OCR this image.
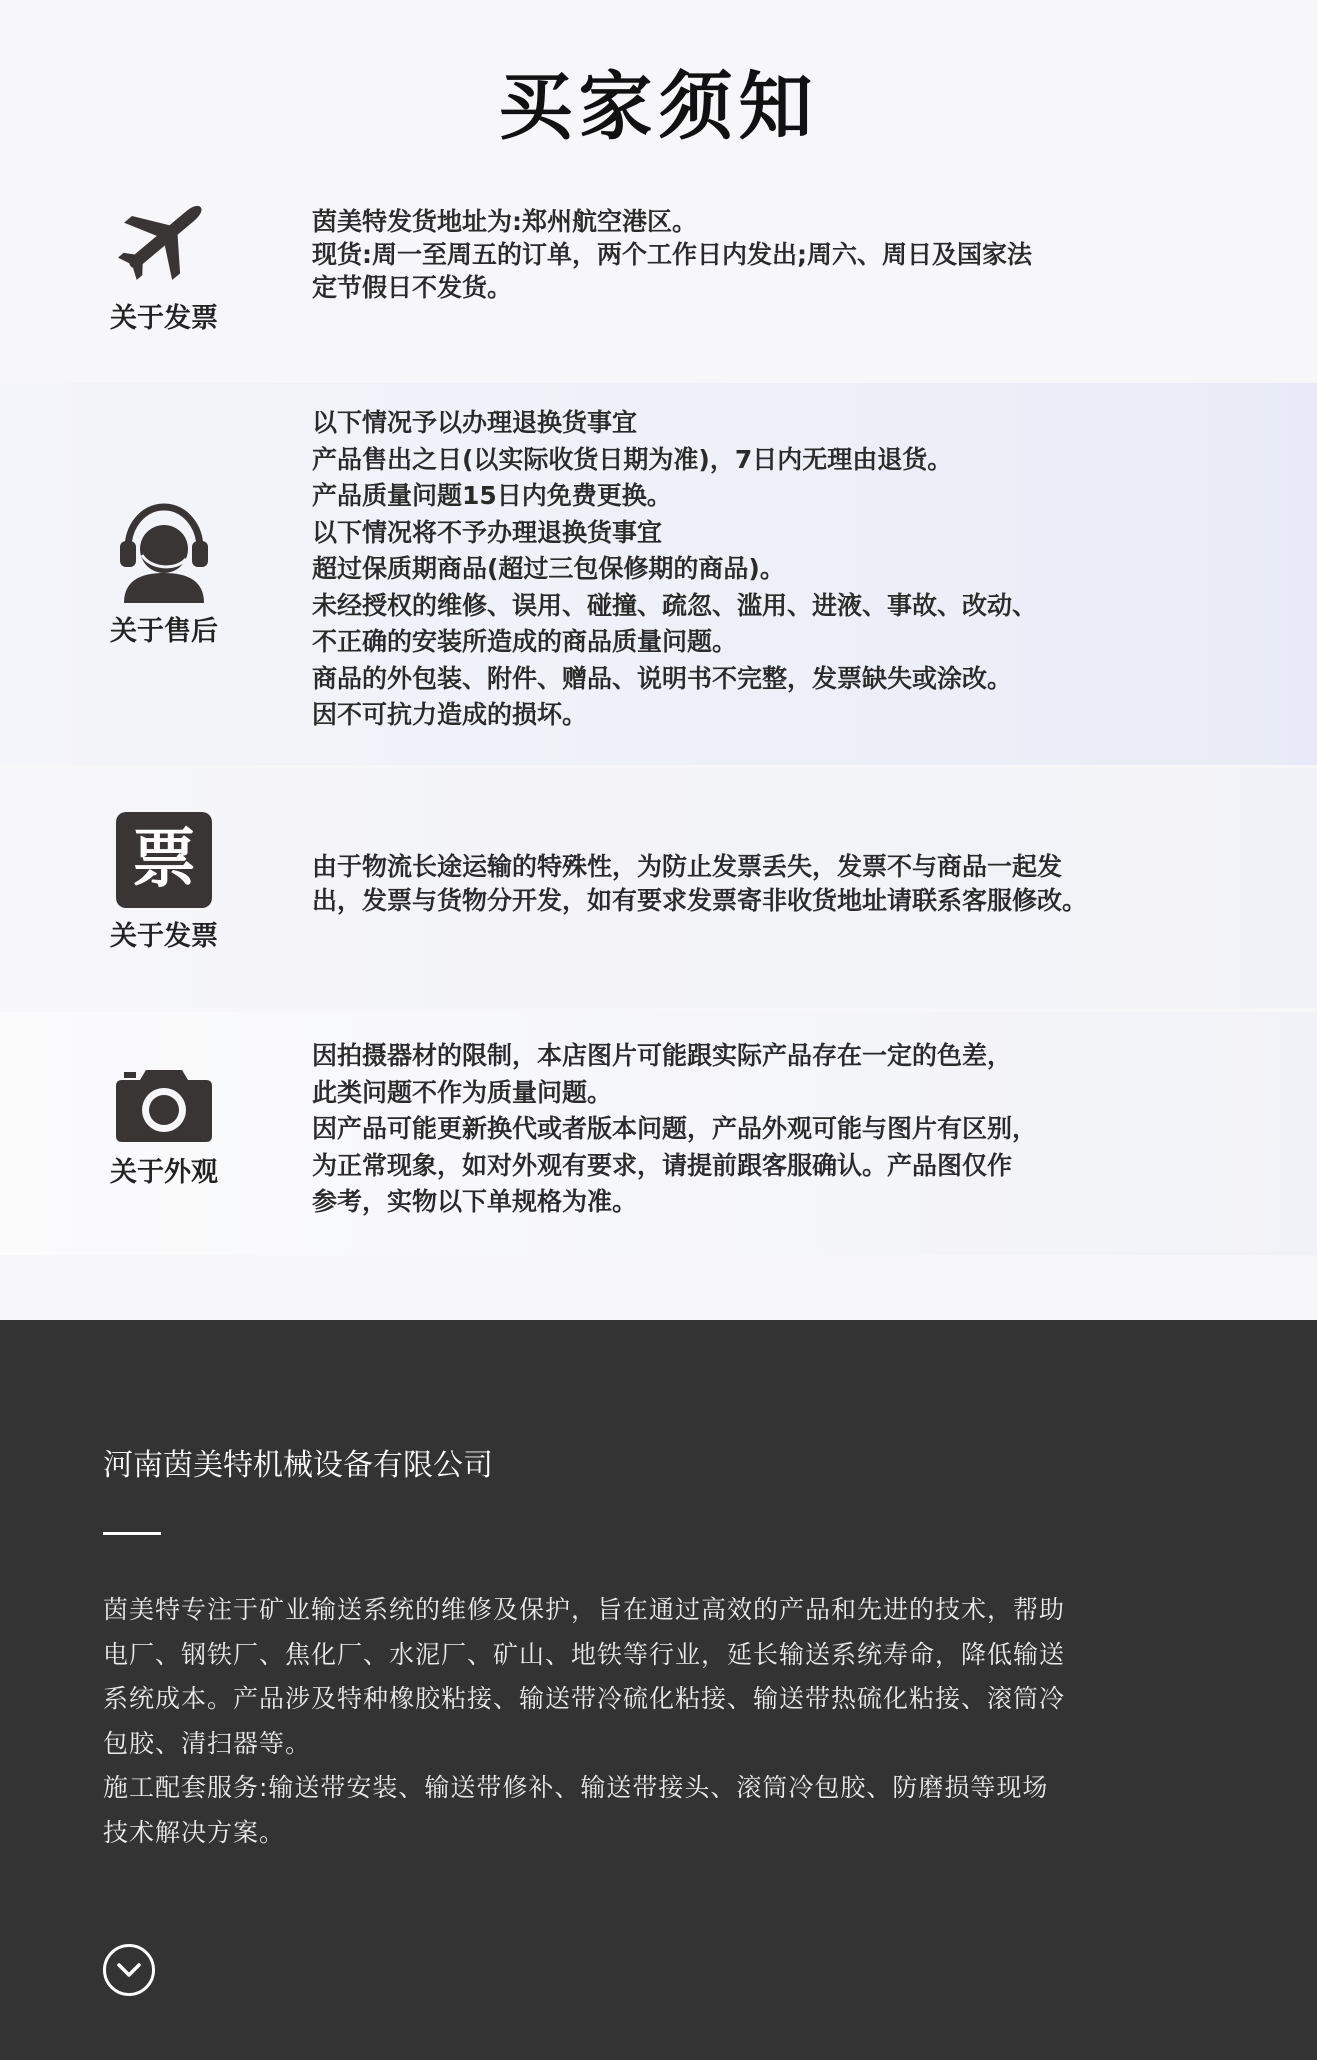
买家须知
关于发票
茵美特发货地址为:郑州航空港区。
现货:周一至周五的订单，两个工作日内发出;周六、周日及国家法
定节假日不发货。
关于售后
以下情况予以办理退换货事宜
产品售出之日(以实际收货日期为准)，7日内无理由退货。
产品质量问题15日内免费更换。
以下情况将不予办理退换货事宜
超过保质期商品(超过三包保修期的商品)。
未经授权的维修、误用、碰撞、疏忽、滥用、进液、事故、改动、
不正确的安装所造成的商品质量问题。
商品的外包装、附件、赠品、说明书不完整，发票缺失或涂改。
因不可抗力造成的损坏。
票
关于发票
由于物流长途运输的特殊性，为防止发票丢失，发票不与商品一起发
出，发票与货物分开发，如有要求发票寄非收货地址请联系客服修改。
关于外观
因拍摄器材的限制，本店图片可能跟实际产品存在一定的色差，
此类问题不作为质量问题。
因产品可能更新换代或者版本问题，产品外观可能与图片有区别，
为正常现象，如对外观有要求，请提前跟客服确认。产品图仅作
参考，实物以下单规格为准。
河南茵美特机械设备有限公司
茵美特专注于矿业输送系统的维修及保护，旨在通过高效的产品和先进的技术，帮助
电厂、钢铁厂、焦化厂、水泥厂、矿山、地铁等行业，延长输送系统寿命，降低输送
系统成本。产品涉及特种橡胶粘接、输送带冷硫化粘接、输送带热硫化粘接、滚筒冷
包胶、清扫器等。
施工配套服务:输送带安装、输送带修补、输送带接头、滚筒冷包胶、防磨损等现场
技术解决方案。
